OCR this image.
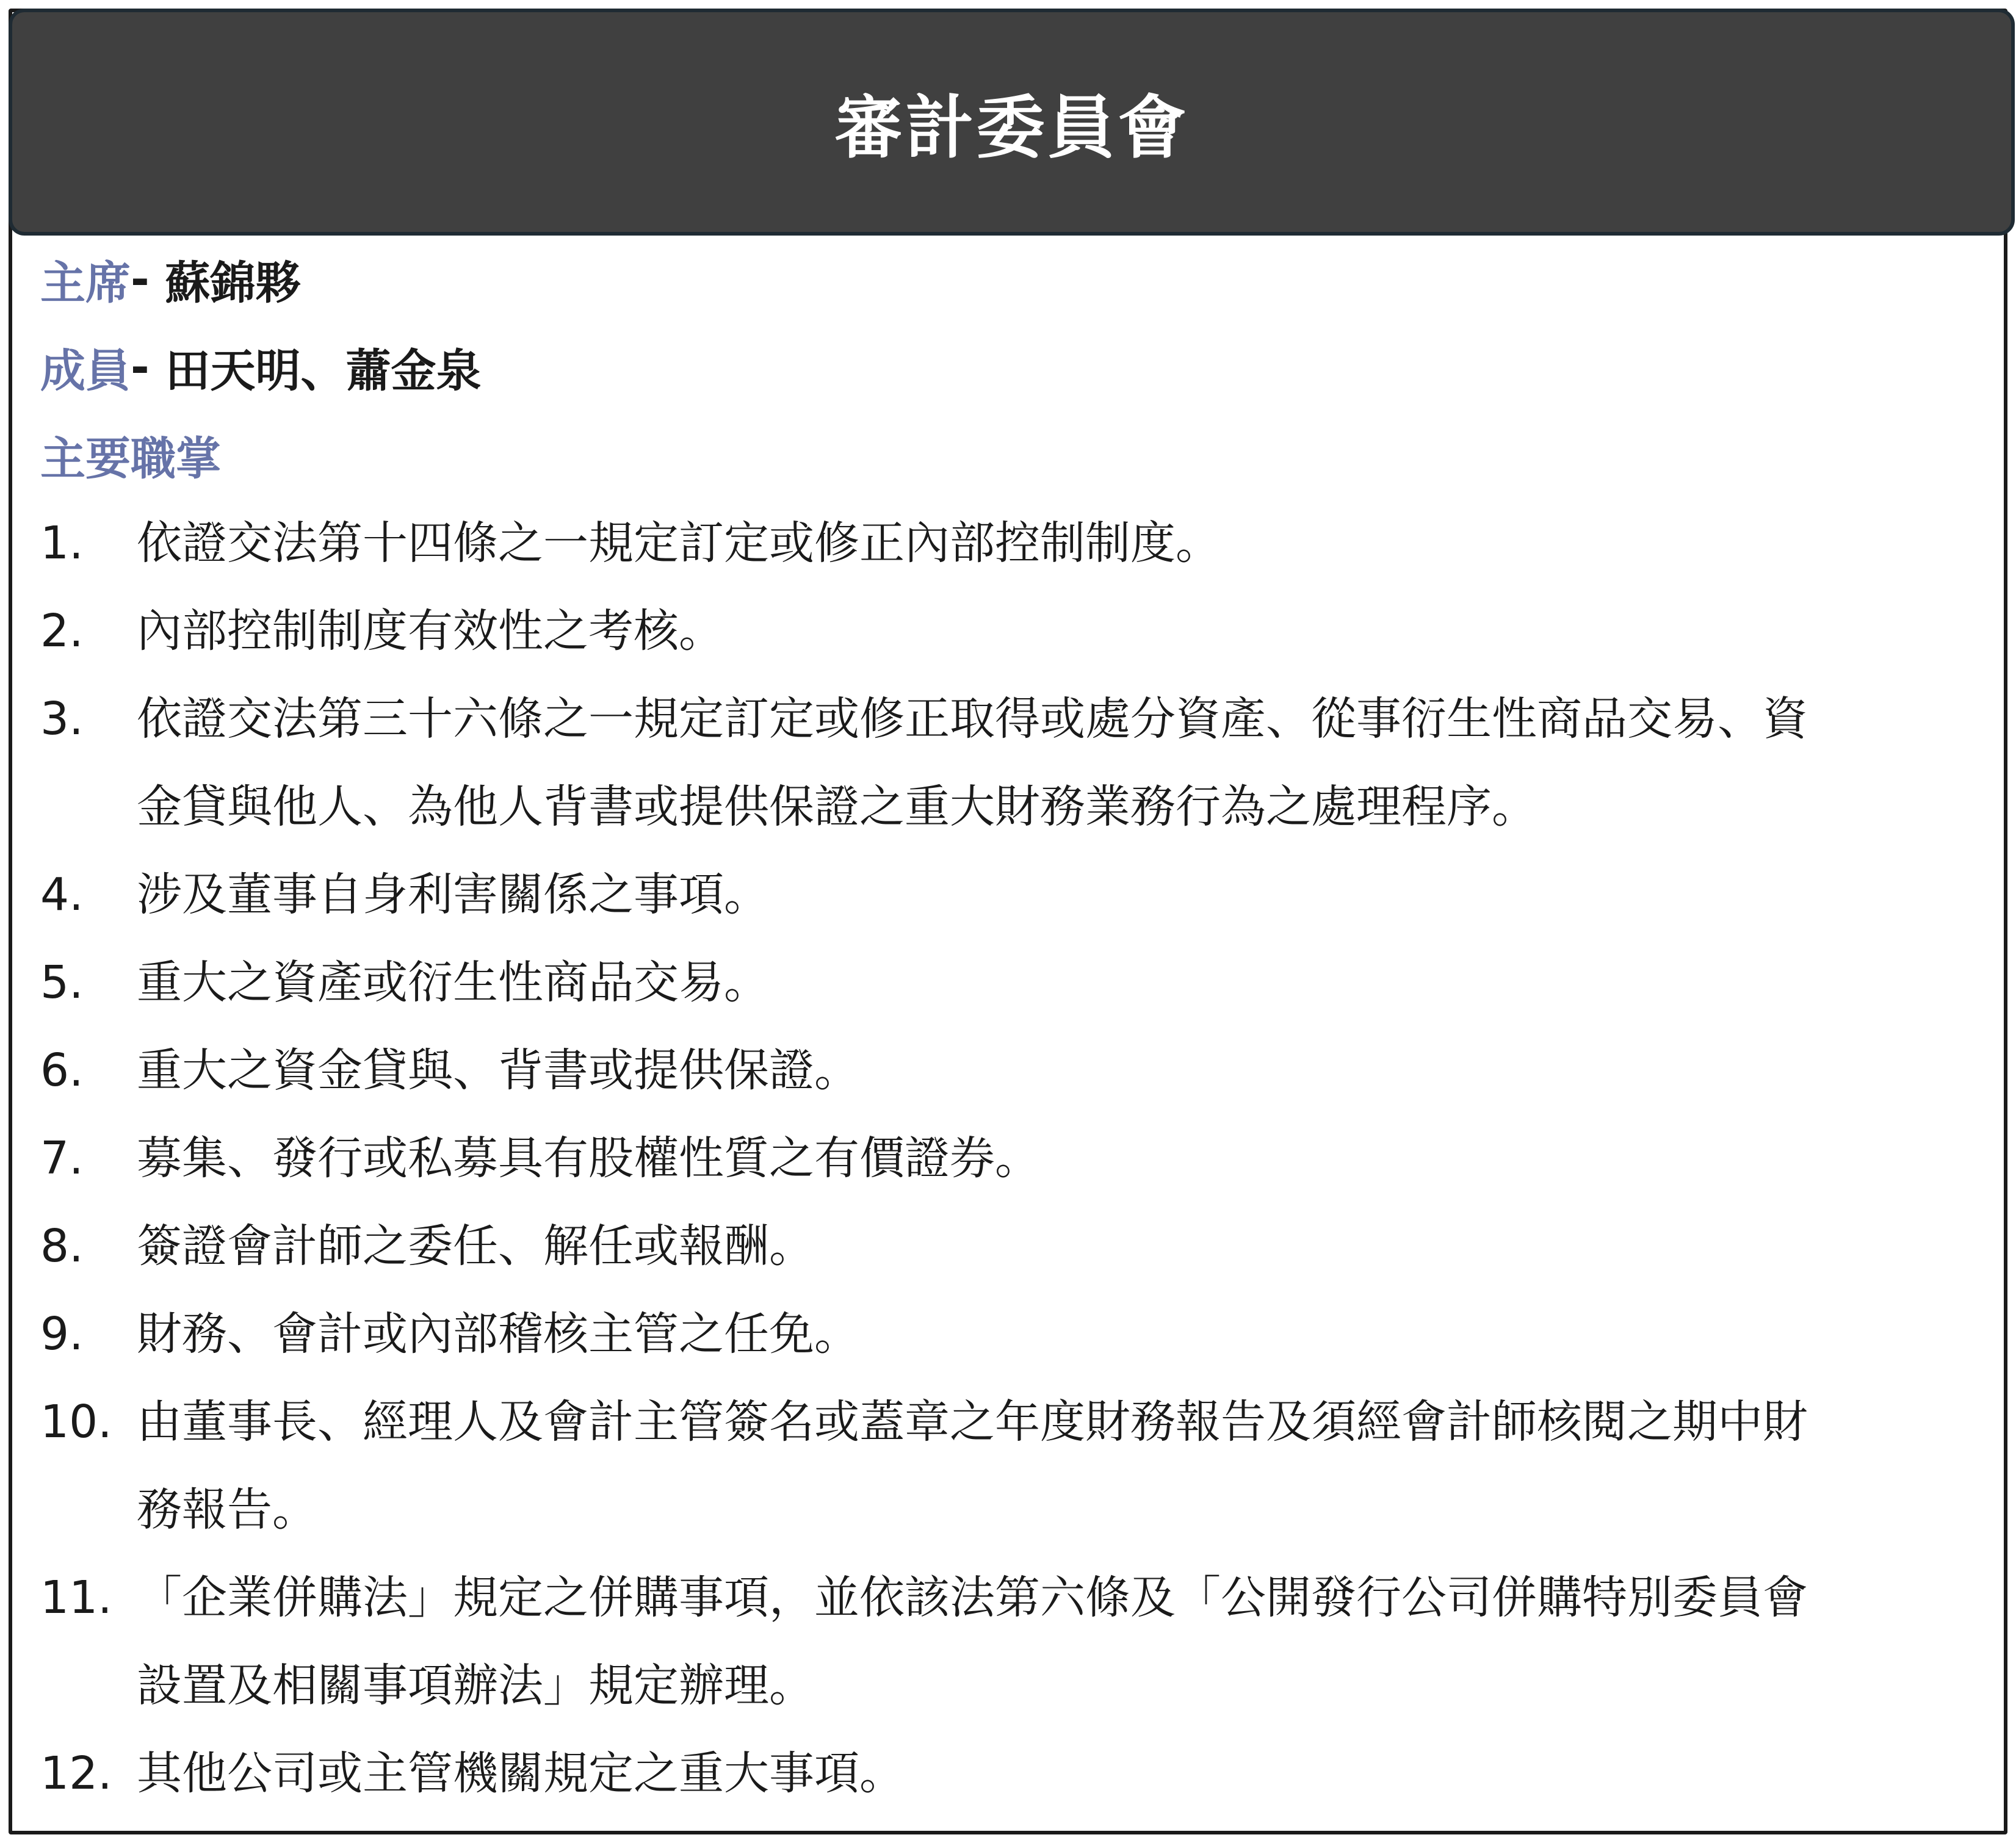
審計委員會
主席 - 蘇錦夥
成員 - 田天明、蕭金泉
主要職掌
1.	依證交法第十四條之一規定訂定或修正內部控制制度。
2.	內部控制制度有效性之考核。
3.	依證交法第三十六條之一規定訂定或修正取得或處分資產、從事衍生性商品交易、資
金貸與他人、為他人背書或提供保證之重大財務業務行為之處理程序。
4.	涉及董事自身利害關係之事項。
5.	重大之資產或衍生性商品交易。
6.	重大之資金貸與、背書或提供保證。
7.	募集、發行或私募具有股權性質之有價證券。
8.	簽證會計師之委任、解任或報酬。
9.	財務、會計或內部稽核主管之任免。
10. 由董事長、經理人及會計主管簽名或蓋章之年度財務報告及須經會計師核閱之期中財
務報告。
11. 「企業併購法」規定之併購事項，並依該法第六條及「公開發行公司併購特別委員會
設置及相關事項辦法」規定辦理。
12. 其他公司或主管機關規定之重大事項。
